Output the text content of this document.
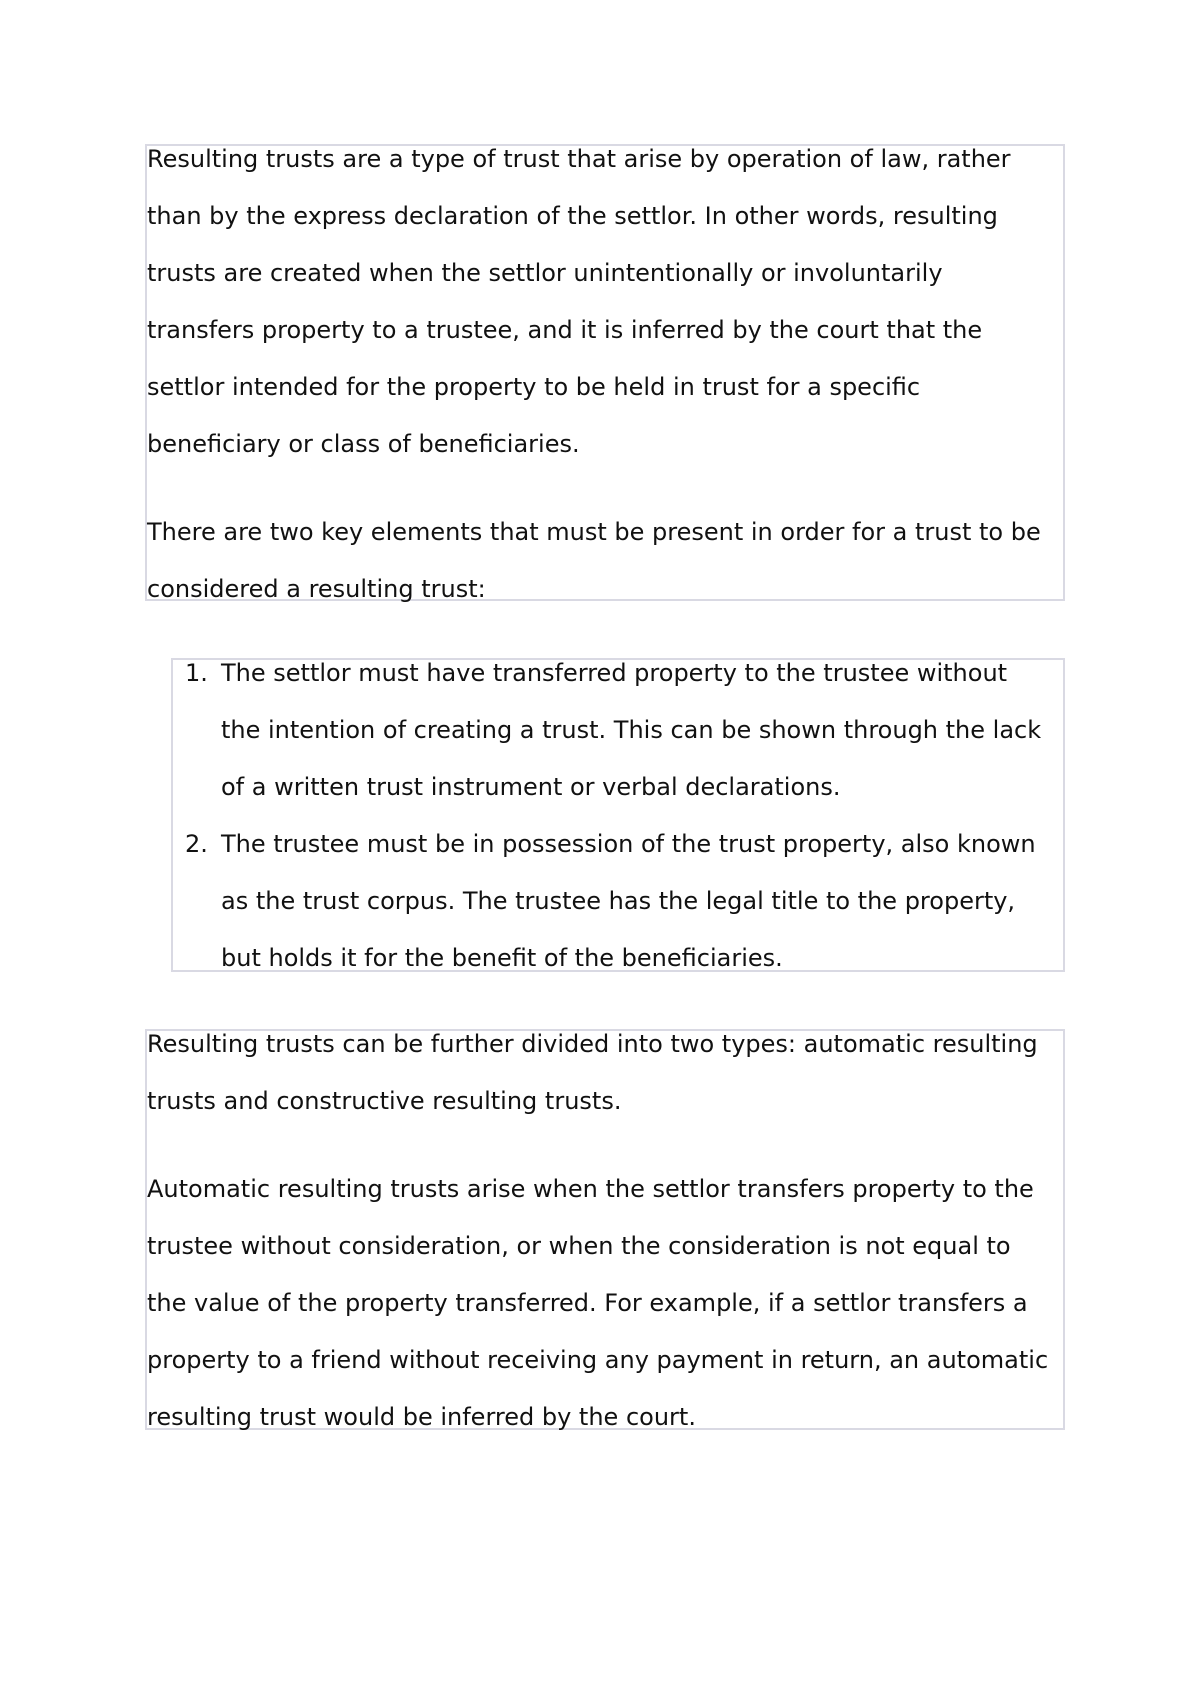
Resulting trusts are a type of trust that arise by operation of law, rather
than by the express declaration of the settlor. In other words, resulting
trusts are created when the settlor unintentionally or involuntarily
transfers property to a trustee, and it is inferred by the court that the
settlor intended for the property to be held in trust for a specific
beneficiary or class of beneficiaries.

There are two key elements that must be present in order for a trust to be
considered a resulting trust:

1. The settlor must have transferred property to the trustee without
the intention of creating a trust. This can be shown through the lack
of a written trust instrument or verbal declarations.
2. The trustee must be in possession of the trust property, also known
as the trust corpus. The trustee has the legal title to the property,
but holds it for the benefit of the beneficiaries.

Resulting trusts can be further divided into two types: automatic resulting
trusts and constructive resulting trusts.

Automatic resulting trusts arise when the settlor transfers property to the
trustee without consideration, or when the consideration is not equal to
the value of the property transferred. For example, if a settlor transfers a
property to a friend without receiving any payment in return, an automatic
resulting trust would be inferred by the court.
